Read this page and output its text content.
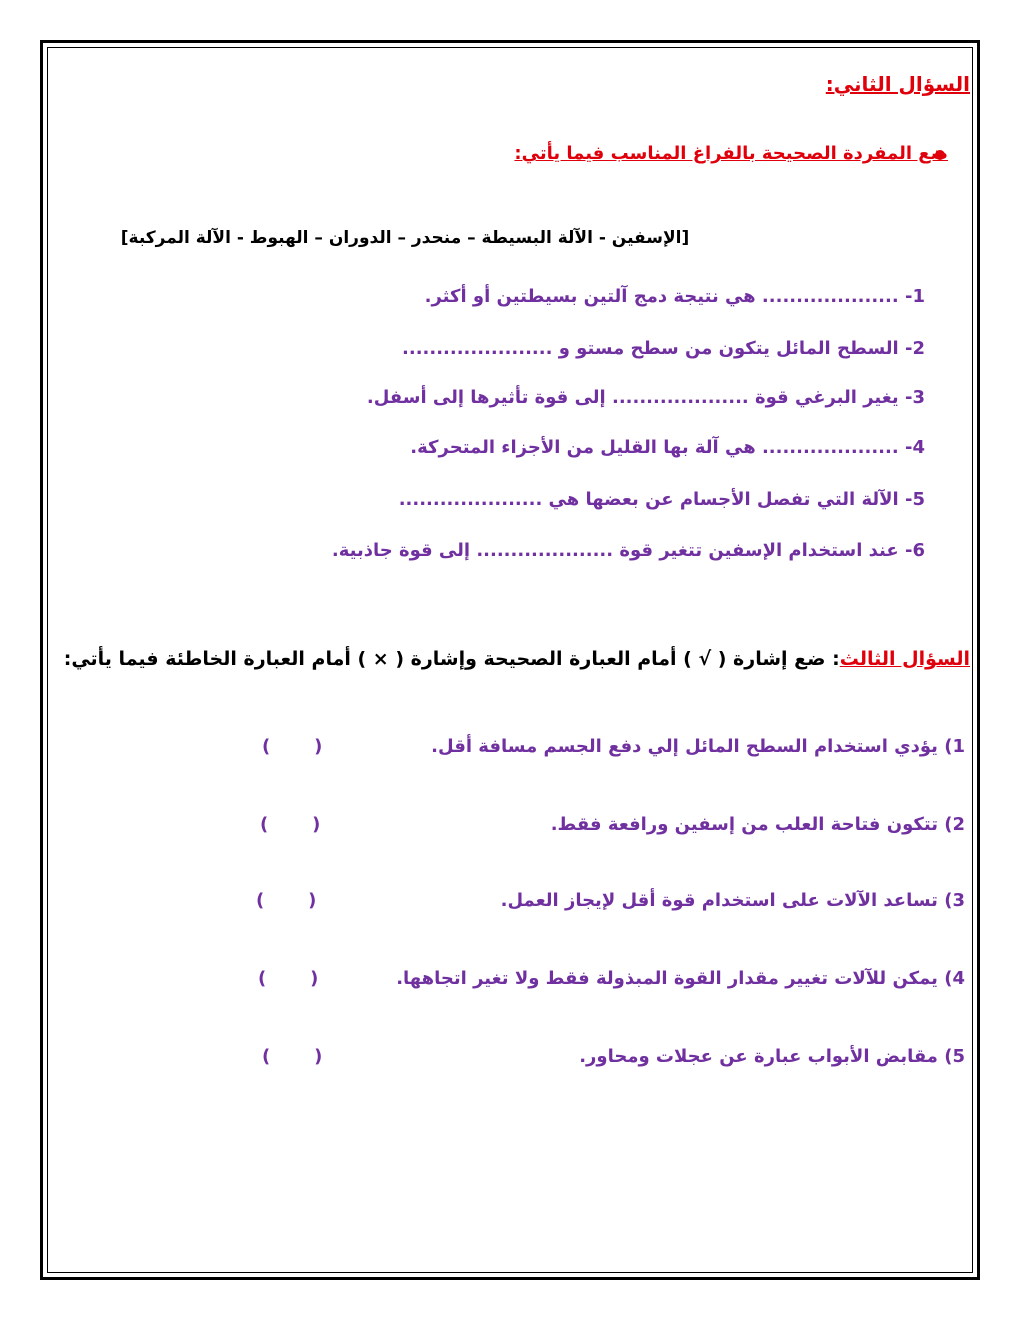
السؤال الثاني:
ضع المفردة الصحيحة بالفراغ المناسب فيما يأتي:
[الإسفين - الآلة البسيطة – منحدر – الدوران – الهبوط - الآلة المركبة]
1- .................... هي نتيجة دمج آلتين بسيطتين أو أكثر.
2- السطح المائل يتكون من سطح مستو و ......................
3- يغير البرغي قوة .................... إلى قوة تأثيرها إلى أسفل.
4- .................... هي آلة بها القليل من الأجزاء المتحركة.
5- الآلة التي تفصل الأجسام عن بعضها هي .....................
6- عند استخدام الإسفين تتغير قوة .................... إلى قوة جاذبية.
السؤال الثالث: ضع إشارة ( √ ) أمام العبارة الصحيحة وإشارة ( × ) أمام العبارة الخاطئة فيما يأتي:
1) يؤدي استخدام السطح المائل إلي دفع الجسم مسافة أقل.
(       )
2) تتكون فتاحة العلب من إسفين ورافعة فقط.
(       )
3) تساعد الآلات على استخدام قوة أقل لإيجاز العمل.
(       )
4) يمكن للآلات تغيير مقدار القوة المبذولة فقط ولا تغير اتجاهها.
(       )
5) مقابض الأبواب عبارة عن عجلات ومحاور.
(       )
